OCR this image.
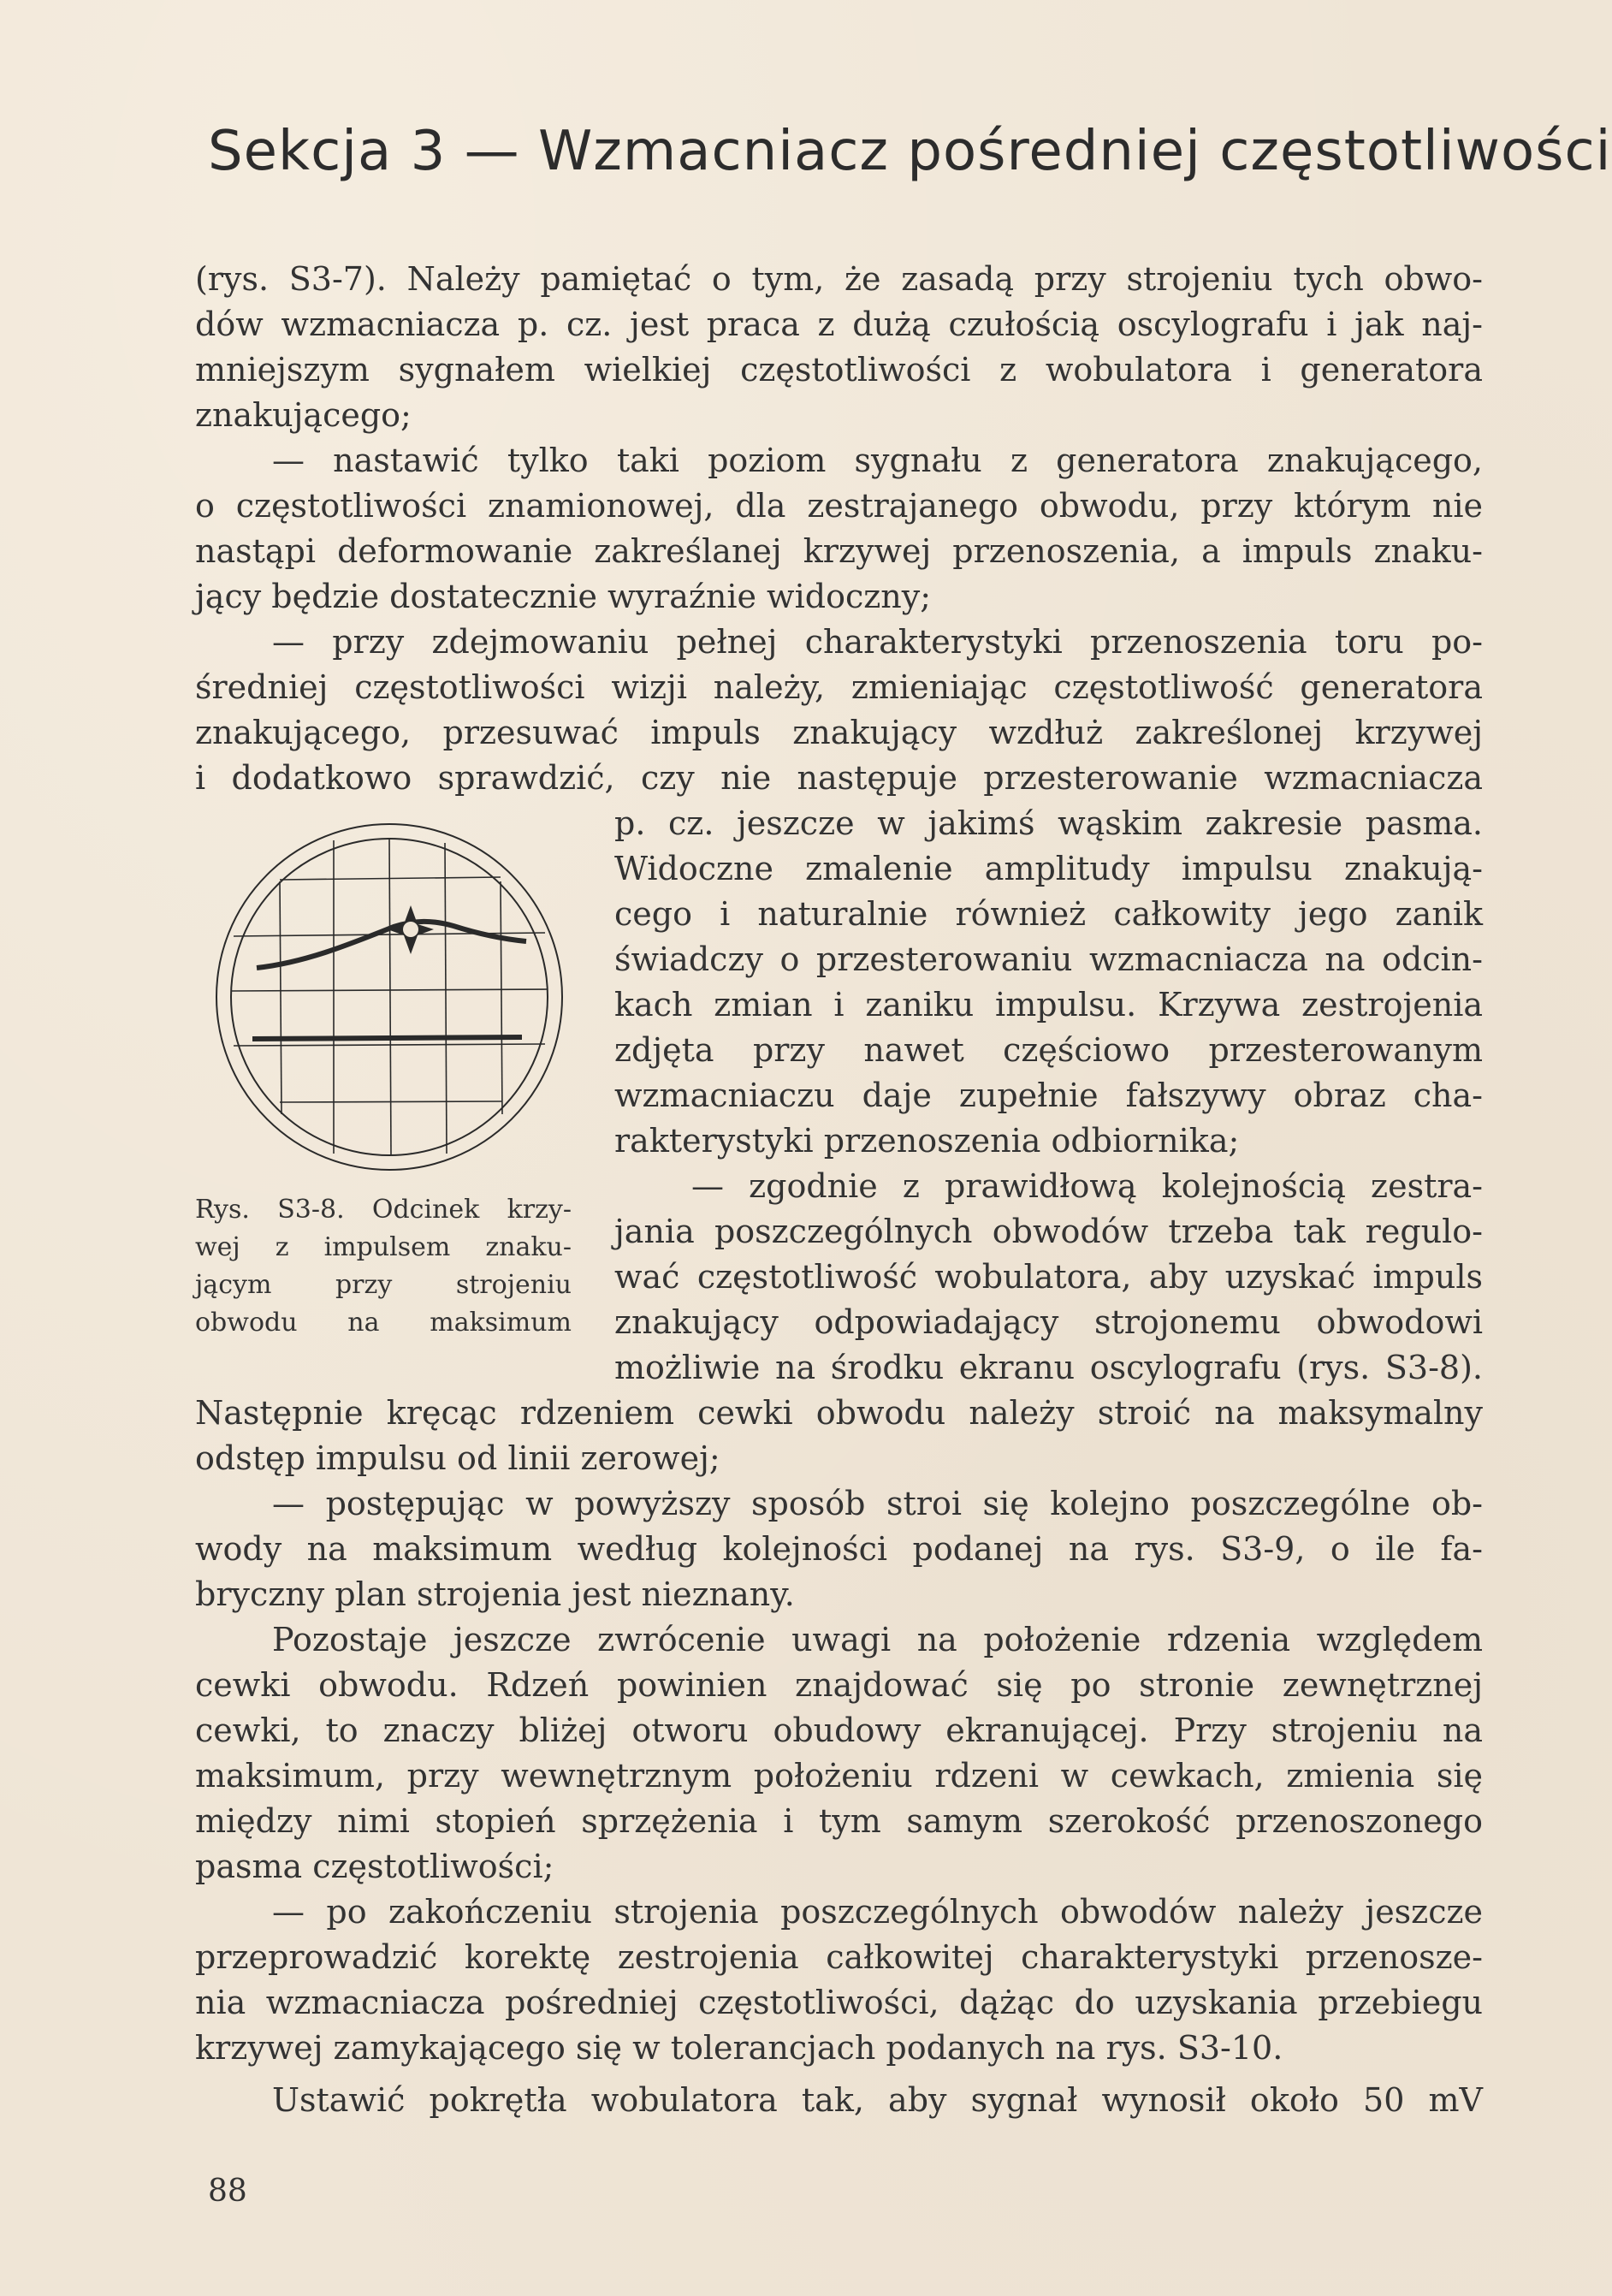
Sekcja 3 — Wzmacniacz pośredniej częstotliwości
(rys. S3-7). Należy pamiętać o tym, że zasadą przy strojeniu tych obwo-
dów wzmacniacza p. cz. jest praca z dużą czułością oscylografu i jak naj-
mniejszym sygnałem wielkiej częstotliwości z wobulatora i generatora
znakującego;
— nastawić tylko taki poziom sygnału z generatora znakującego,
o częstotliwości znamionowej, dla zestrajanego obwodu, przy którym nie
nastąpi deformowanie zakreślanej krzywej przenoszenia, a impuls znaku-
jący będzie dostatecznie wyraźnie widoczny;
— przy zdejmowaniu pełnej charakterystyki przenoszenia toru po-
średniej częstotliwości wizji należy, zmieniając częstotliwość generatora
znakującego, przesuwać impuls znakujący wzdłuż zakreślonej krzywej
i dodatkowo sprawdzić, czy nie następuje przesterowanie wzmacniacza
p. cz. jeszcze w jakimś wąskim zakresie pasma.
Widoczne zmalenie amplitudy impulsu znakują-
cego i naturalnie również całkowity jego zanik
świadczy o przesterowaniu wzmacniacza na odcin-
kach zmian i zaniku impulsu. Krzywa zestrojenia
zdjęta przy nawet częściowo przesterowanym
wzmacniaczu daje zupełnie fałszywy obraz cha-
rakterystyki przenoszenia odbiornika;
— zgodnie z prawidłową kolejnością zestra-
jania poszczególnych obwodów trzeba tak regulo-
wać częstotliwość wobulatora, aby uzyskać impuls
znakujący odpowiadający strojonemu obwodowi
możliwie na środku ekranu oscylografu (rys. S3-8).
Rys. S3-8. Odcinek krzy-
wej z impulsem znaku-
jącym przy strojeniu
obwodu na maksimum
Następnie kręcąc rdzeniem cewki obwodu należy stroić na maksymalny
odstęp impulsu od linii zerowej;
— postępując w powyższy sposób stroi się kolejno poszczególne ob-
wody na maksimum według kolejności podanej na rys. S3-9, o ile fa-
bryczny plan strojenia jest nieznany.
Pozostaje jeszcze zwrócenie uwagi na położenie rdzenia względem
cewki obwodu. Rdzeń powinien znajdować się po stronie zewnętrznej
cewki, to znaczy bliżej otworu obudowy ekranującej. Przy strojeniu na
maksimum, przy wewnętrznym położeniu rdzeni w cewkach, zmienia się
między nimi stopień sprzężenia i tym samym szerokość przenoszonego
pasma częstotliwości;
— po zakończeniu strojenia poszczególnych obwodów należy jeszcze
przeprowadzić korektę zestrojenia całkowitej charakterystyki przenosze-
nia wzmacniacza pośredniej częstotliwości, dążąc do uzyskania przebiegu
krzywej zamykającego się w tolerancjach podanych na rys. S3-10.
Ustawić pokrętła wobulatora tak, aby sygnał wynosił około 50 mV
88
